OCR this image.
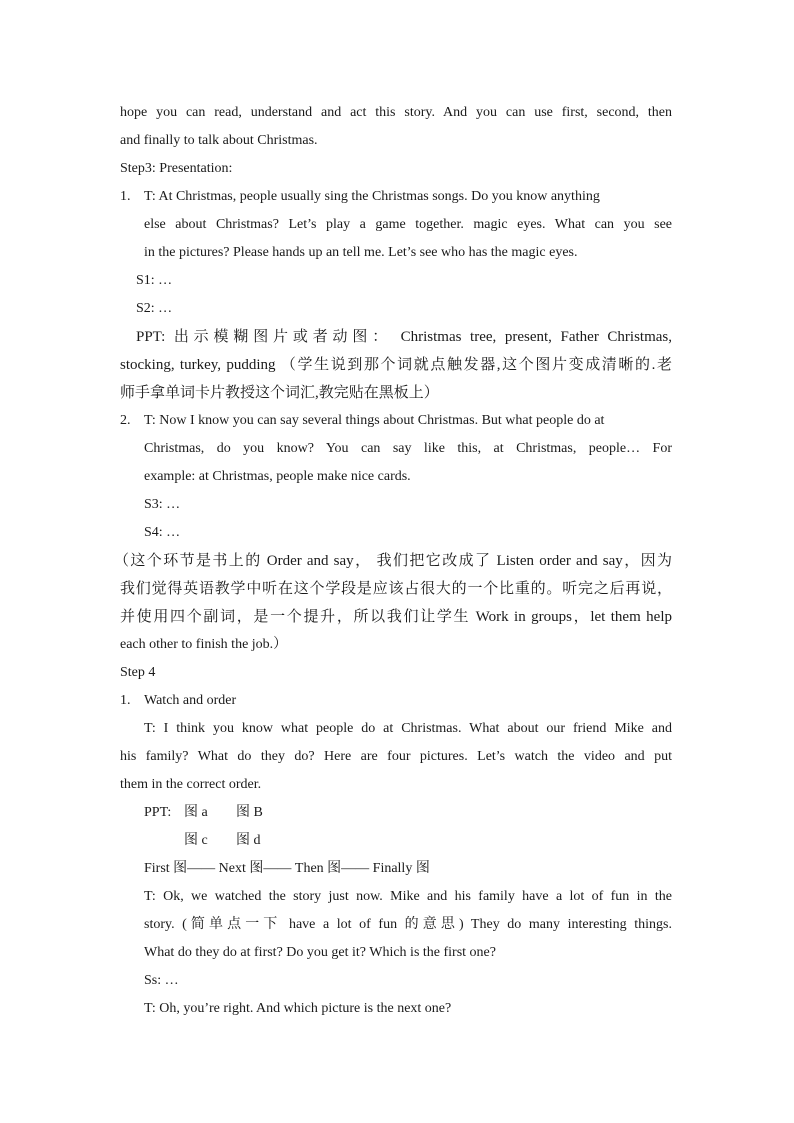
hope you can read, understand and act this story. And you can use first, second, then
and finally to talk about Christmas.
Step3: Presentation:
1. T: At Christmas, people usually sing the Christmas songs. Do you know anything
else about Christmas? Let’s play a game together. magic eyes. What can you see
in the pictures? Please hands up an tell me. Let’s see who has the magic eyes.
S1: …
S2: …
PPT: 出示模糊图片或者动图： Christmas tree, present, Father Christmas,
stocking, turkey, pudding （学生说到那个词就点触发器,这个图片变成清晰的.老
师手拿单词卡片教授这个词汇,教完贴在黑板上）
2. T: Now I know you can say several things about Christmas. But what people do at
Christmas, do you know? You can say like this, at Christmas, people… For
example: at Christmas, people make nice cards.
S3: …
S4: …
（这个环节是书上的 Order and say， 我们把它改成了 Listen order and say，因为
我们觉得英语教学中听在这个学段是应该占很大的一个比重的。听完之后再说，
并使用四个副词，是一个提升，所以我们让学生 Work in groups，let them help
each other to finish the job.）
Step 4
1. Watch and order
T: I think you know what people do at Christmas. What about our friend Mike and
his family? What do they do? Here are four pictures. Let’s watch the video and put
them in the correct order.
PPT: 图 a 图 B
图 c 图 d
First 图—— Next 图—— Then 图—— Finally 图
T: Ok, we watched the story just now. Mike and his family have a lot of fun in the
story. (简单点一下 have a lot of fun 的意思) They do many interesting things.
What do they do at first? Do you get it? Which is the first one?
Ss: …
T: Oh, you’re right. And which picture is the next one?
